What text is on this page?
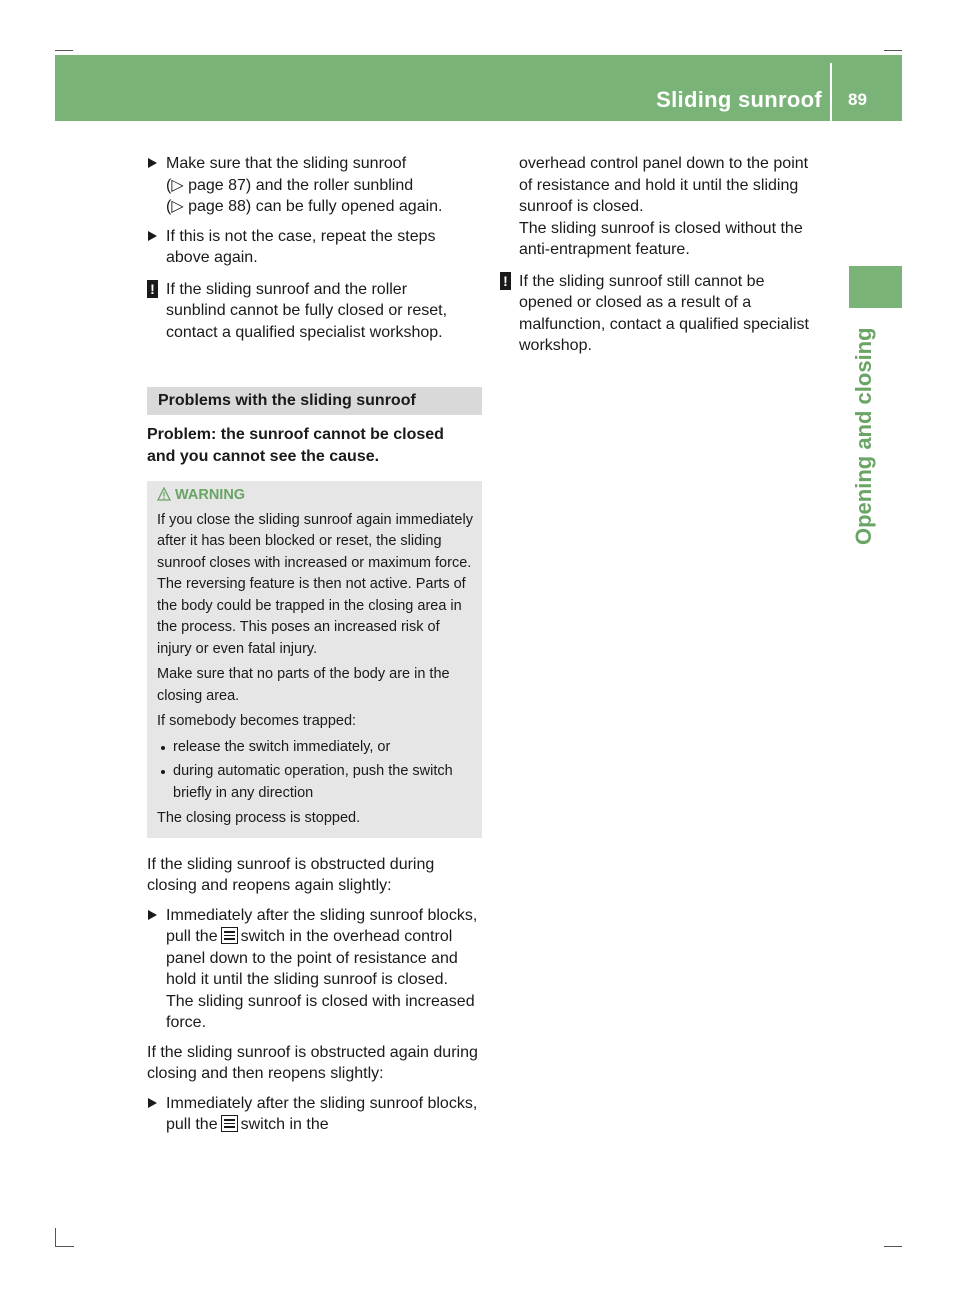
Sliding sunroof 89
Opening and closing
Make sure that the sliding sunroof
(▷ page 87) and the roller sunblind
(▷ page 88) can be fully opened again.
If this is not the case, repeat the steps
above again.
! If the sliding sunroof and the roller
sunblind cannot be fully closed or reset,
contact a qualified specialist workshop.
Problems with the sliding sunroof
Problem: the sunroof cannot be closed
and you cannot see the cause.
WARNING

If you close the sliding sunroof again immediately after it has been blocked or reset, the sliding sunroof closes with increased or maximum force. The reversing feature is then not active. Parts of the body could be trapped in the closing area in the process. This poses an increased risk of injury or even fatal injury.

Make sure that no parts of the body are in the closing area.

If somebody becomes trapped:

release the switch immediately, or
during automatic operation, push the switch briefly in any direction

The closing process is stopped.

If the sliding sunroof is obstructed during closing and reopens again slightly:

Immediately after the sliding sunroof blocks, pull the switch in the overhead control panel down to the point of resistance and hold it until the sliding sunroof is closed.
The sliding sunroof is closed with increased force.

If the sliding sunroof is obstructed again during closing and then reopens slightly:

Immediately after the sliding sunroof blocks, pull the switch in the
overhead control panel down to the point
of resistance and hold it until the sliding
sunroof is closed.
The sliding sunroof is closed without the
anti-entrapment feature.
! If the sliding sunroof still cannot be
opened or closed as a result of a
malfunction, contact a qualified specialist
workshop.
